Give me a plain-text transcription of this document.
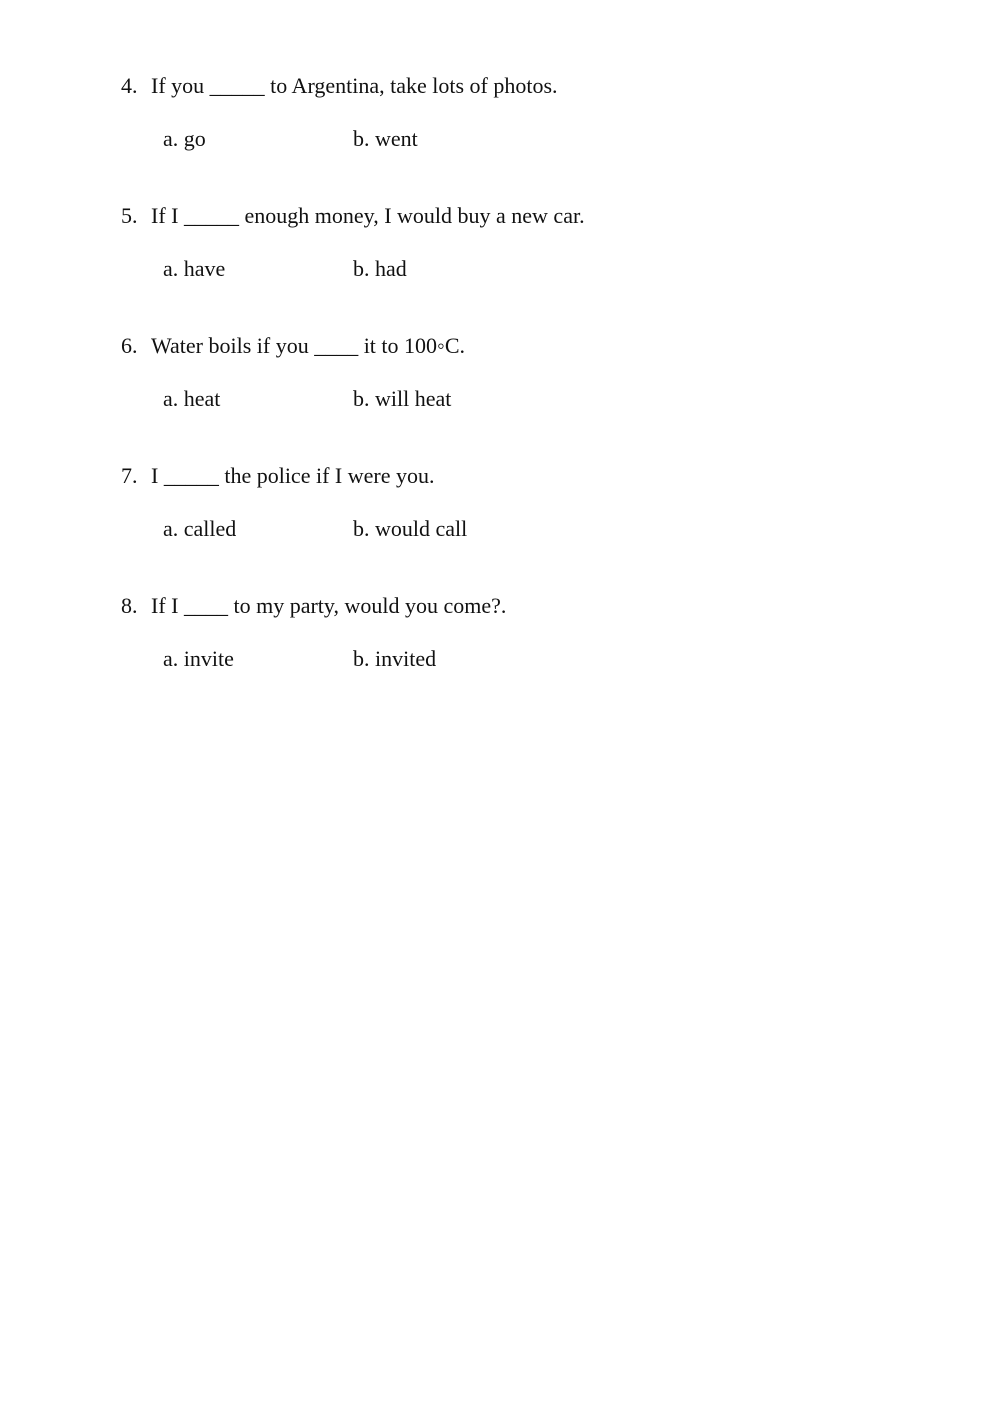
4. If you _____ to Argentina, take lots of photos.
a. go	b. went
5. If I _____ enough money, I would buy a new car.
a. have	b. had
6. Water boils if you ____ it to 100◦C.
a. heat	b. will heat
7. I _____ the police if I were you.
a. called	b. would call
8. If I ____ to my party, would you come?.
a. invite	b. invited
